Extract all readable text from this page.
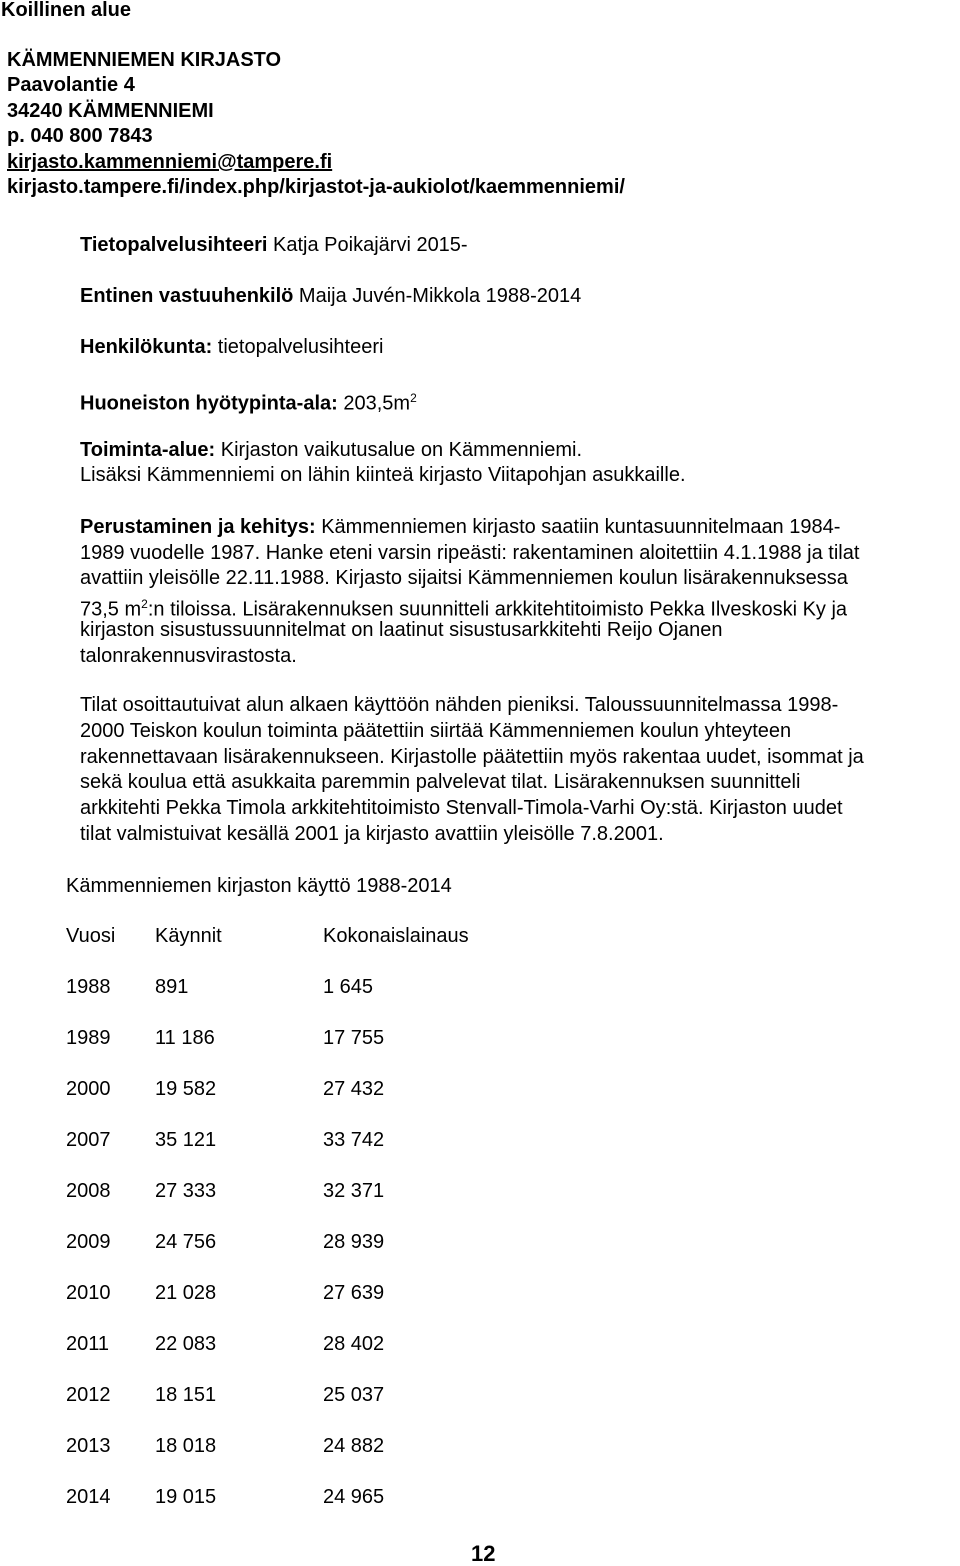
Koillinen alue
KÄMMENNIEMEN KIRJASTO
Paavolantie 4
34240 KÄMMENNIEMI
p. 040 800 7843
kirjasto.kammenniemi@tampere.fi
kirjasto.tampere.fi/index.php/kirjastot-ja-aukiolot/kaemmenniemi/
Tietopalvelusihteeri Katja Poikajärvi 2015-
Entinen vastuuhenkilö Maija Juvén-Mikkola 1988-2014
Henkilökunta: tietopalvelusihteeri
Huoneiston hyötypinta-ala: $203,5m^2$
Toiminta-alue: Kirjaston vaikutusalue on Kämmenniemi.
Lisäksi Kämmenniemi on lähin kiinteä kirjasto Viitapohjan asukkaille.
Perustaminen ja kehitys: Kämmenniemen kirjasto saatiin kuntasuunnitelmaan 1984-
1989 vuodelle 1987. Hanke eteni varsin ripeästi: rakentaminen aloitettiin 4.1.1988 ja tilat
avattiin yleisölle 22.11.1988. Kirjasto sijaitsi Kämmenniemen koulun lisärakennuksessa
73,5 $m^2:n$ tiloissa. Lisärakennuksen suunnitteli arkkitehtitoimisto Pekka Ilveskoski Ky ja
kirjaston sisustussuunnitelmat on laatinut sisustusarkkitehti Reijo Ojanen
talonrakennusvirastosta.
Tilat osoittautuivat alun alkaen käyttöön nähden pieniksi. Taloussuunnitelmassa 1998-
2000 Teiskon koulun toiminta päätettiin siirtää Kämmenniemen koulun yhteyteen
rakennettavaan lisärakennukseen. Kirjastolle päätettiin myös rakentaa uudet, isommat ja
sekä koulua että asukkaita paremmin palvelevat tilat. Lisärakennuksen suunnitteli
arkkitehti Pekka Timola arkkitehtitoimisto Stenvall-Timola-Varhi Oy:stä. Kirjaston uudet
tilat valmistuivat kesällä 2001 ja kirjasto avattiin yleisölle 7.8.2001.
Kämmenniemen kirjaston käyttö 1988-2014
Vuosi Käynnit	Kokonaislainaus
1988 891	1 645
1989 11 186	17 755
2000 19 582	27 432
2007 35 121	33 742
2008 27 333	32 371
2009 24 756	28 939
2010 21 028	27 639
2011 22 083	28 402
2012 18 151	25 037
2013 18 018	24 882
2014 19 015	24 965
12
